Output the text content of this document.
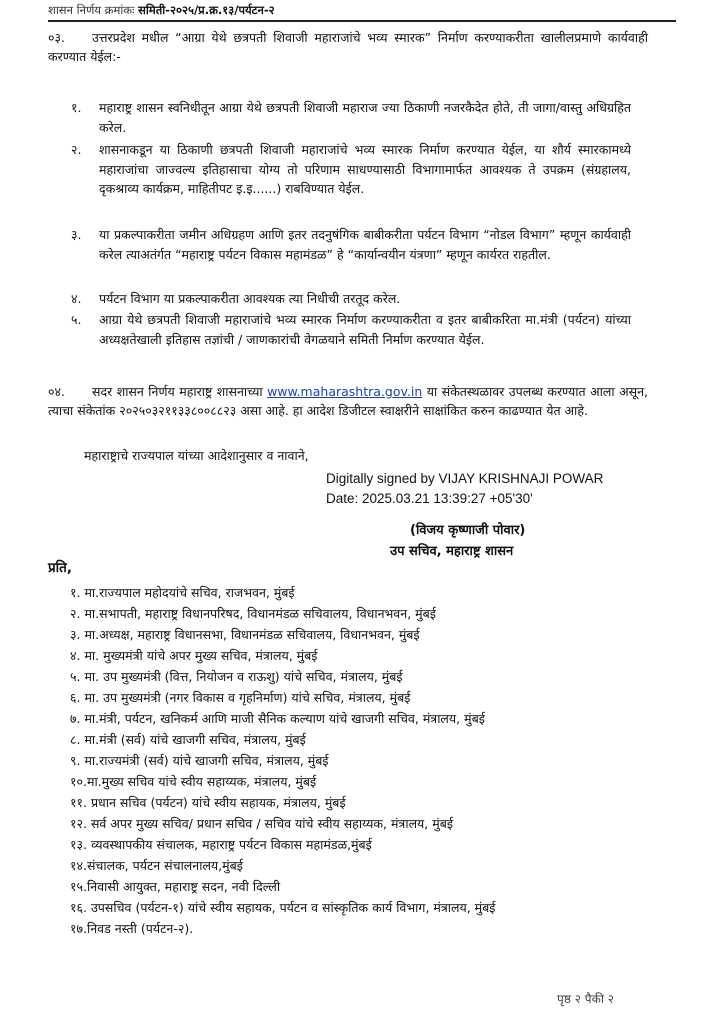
शासन निर्णय क्रमांकः समिती-२०२५/प्र.क्र.१३/पर्यटन-२
०३. उत्तरप्रदेश मधील “आग्रा येथे छत्रपती शिवाजी महाराजांचे भव्य स्मारक” निर्माण करण्याकरीता खालीलप्रमाणे कार्यवाही करण्यात येईल:-
१. महाराष्ट्र शासन स्वनिधीतून आग्रा येथे छत्रपती शिवाजी महाराज ज्या ठिकाणी नजरकैदेत होते, ती जागा/वास्तु अधिग्रहित करेल.
२. शासनाकडून या ठिकाणी छत्रपती शिवाजी महाराजांचे भव्य स्मारक निर्माण करण्यात येईल, या शौर्य स्मारकामध्ये महाराजांचा जाज्वल्य इतिहासाचा योग्य तो परिणाम साधण्यासाठी विभागामार्फत आवश्यक ते उपक्रम (संग्रहालय, दृकश्राव्य कार्यक्रम, माहितीपट इ.इ......) राबविण्यात येईल.
३. या प्रकल्पाकरीता जमीन अधिग्रहण आणि इतर तदनुषंगिक बाबीकरीता पर्यटन विभाग “नोडल विभाग” म्हणून कार्यवाही करेल त्याअतंर्गत “महाराष्ट्र पर्यटन विकास महामंडळ” हे “कार्यान्वयीन यंत्रणा” म्हणून कार्यरत राहतील.
४. पर्यटन विभाग या प्रकल्पाकरीता आवश्यक त्या निधीची तरतूद करेल.
५. आग्रा येथे छत्रपती शिवाजी महाराजांचे भव्य स्मारक निर्माण करण्याकरीता व इतर बाबीकरिता मा.मंत्री (पर्यटन) यांच्या अध्यक्षतेखाली इतिहास तज्ञांची / जाणकारांची वेगळयाने समिती निर्माण करण्यात येईल.
०४. सदर शासन निर्णय महाराष्ट्र शासनाच्या www.maharashtra.gov.in या संकेतस्थळावर उपलब्ध करण्यात आला असून, त्याचा संकेतांक २०२५०३२११३३८००८८२३ असा आहे. हा आदेश डिजीटल स्वाक्षरीने साक्षांकित करुन काढण्यात येत आहे.
महाराष्ट्राचे राज्यपाल यांच्या आदेशानुसार व नावाने,
Digitally signed by VIJAY KRISHNAJI POWAR
Date: 2025.03.21 13:39:27 +05'30'
(विजय कृष्णाजी पोवार)
उप सचिव, महाराष्ट्र शासन
प्रति,
१. मा.राज्यपाल महोदयांचे सचिव, राजभवन, मुंबई
२. मा.सभापती, महाराष्ट्र विधानपरिषद, विधानमंडळ सचिवालय, विधानभवन, मुंबई
३. मा.अध्यक्ष, महाराष्ट्र विधानसभा, विधानमंडळ सचिवालय, विधानभवन, मुंबई
४. मा. मुख्यमंत्री यांचे अपर मुख्य सचिव, मंत्रालय, मुंबई
५. मा. उप मुख्यमंत्री (वित्त, नियोजन व राऊशु) यांचे सचिव, मंत्रालय, मुंबई
६. मा. उप मुख्यमंत्री (नगर विकास व गृहनिर्माण) यांचे सचिव, मंत्रालय, मुंबई
७. मा.मंत्री, पर्यटन, खनिकर्म आणि माजी सैनिक कल्याण यांचे खाजगी सचिव, मंत्रालय, मुंबई
८. मा.मंत्री (सर्व) यांचे खाजगी सचिव, मंत्रालय, मुंबई
९. मा.राज्यमंत्री (सर्व) यांचे खाजगी सचिव, मंत्रालय, मुंबई
१०.मा.मुख्य सचिव यांचे स्वीय सहाय्यक, मंत्रालय, मुंबई
११. प्रधान सचिव (पर्यटन) यांचे स्वीय सहायक, मंत्रालय, मुंबई
१२. सर्व अपर मुख्य सचिव/ प्रधान सचिव / सचिव यांचे स्वीय सहाय्यक, मंत्रालय, मुंबई
१३. व्यवस्थापकीय संचालक, महाराष्ट्र पर्यटन विकास महामंडळ,मुंबई
१४.संचालक, पर्यटन संचालनालय,मुंबई
१५.निवासी आयुक्त, महाराष्ट्र सदन, नवी दिल्ली
१६. उपसचिव (पर्यटन-१) यांचे स्वीय सहायक, पर्यटन व सांस्कृतिक कार्य विभाग, मंत्रालय, मुंबई
१७.निवड नस्ती (पर्यटन-२).
पृष्ठ २ पैकी २
